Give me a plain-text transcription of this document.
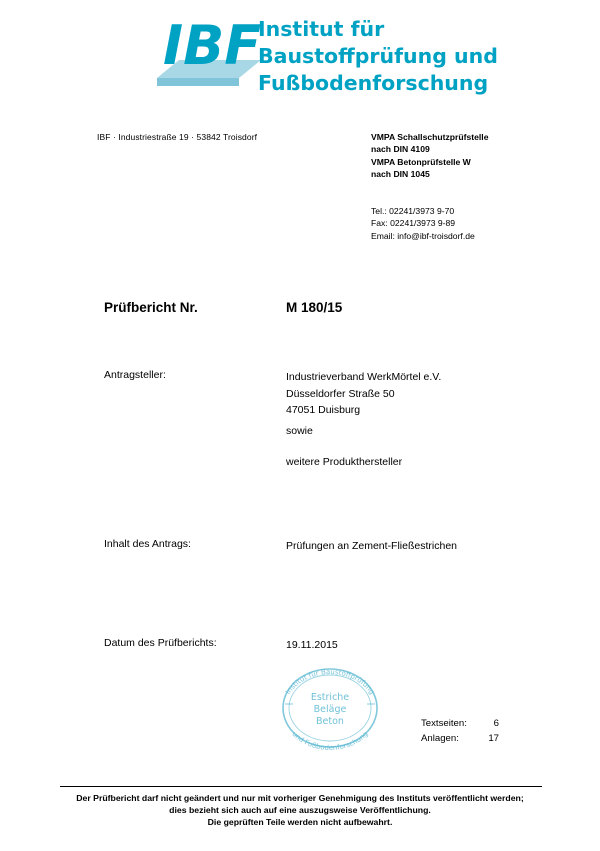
IBF
Institut für
Baustoffprüfung und
Fußbodenforschung
IBF · Industriestraße 19 · 53842 Troisdorf	VMPA Schallschutzprüfstelle
nach DIN 4109
VMPA Betonprüfstelle W
nach DIN 1045
Tel.: 02241/3973 9-70
Fax: 02241/3973 9-89
Email: info@ibf-troisdorf.de
Prüfbericht Nr.	M 180/15
Antragsteller:	Industrieverband WerkMörtel e.V.
Düsseldorfer Straße 50
47051 Duisburg
sowie
weitere Produkthersteller
Inhalt des Antrags:	Prüfungen an Zement-Fließestrichen
Datum des Prüfberichts:	19.11.2015
Institut für Baustoffprüfung
und Fußbodenforschung
Estriche
Beläge
Beton	Textseiten:	6
Anlagen:	17
Der Prüfbericht darf nicht geändert und nur mit vorheriger Genehmigung des Instituts veröffentlicht werden;
dies bezieht sich auch auf eine auszugsweise Veröffentlichung.
Die geprüften Teile werden nicht aufbewahrt.
